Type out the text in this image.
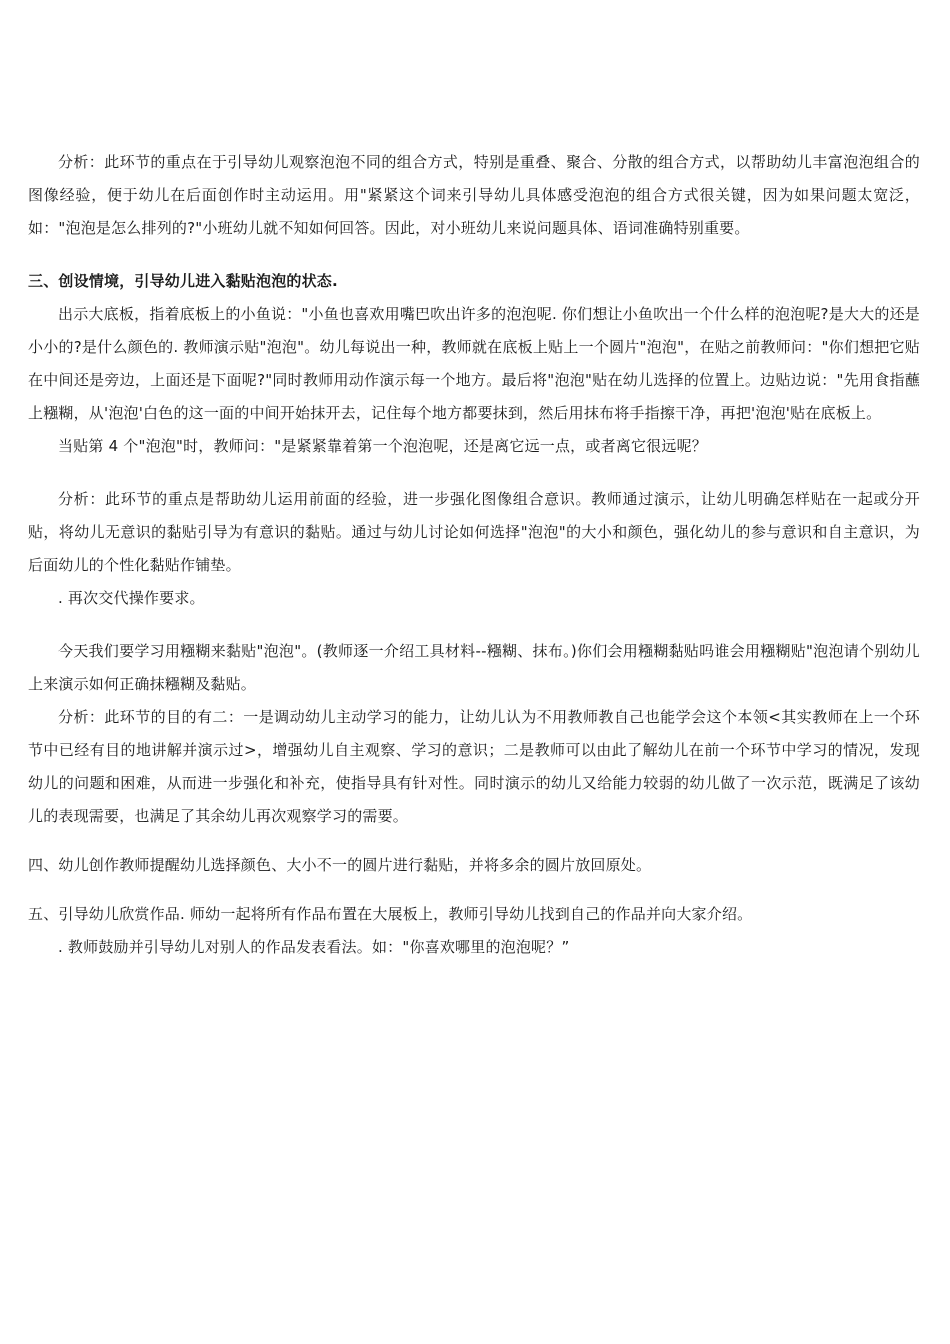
分析：此环节的重点在于引导幼儿观察泡泡不同的组合方式，特别是重叠、聚合、分散的组合方式，以帮助幼儿丰富泡泡组合的图像经验，便于幼儿在后面创作时主动运用。用"紧紧这个词来引导幼儿具体感受泡泡的组合方式很关键，因为如果问题太宽泛，如："泡泡是怎么排列的?"小班幼儿就不知如何回答。因此，对小班幼儿来说问题具体、语词准确特别重要。

三、创设情境，引导幼儿进入黏贴泡泡的状态.

出示大底板，指着底板上的小鱼说："小鱼也喜欢用嘴巴吹出许多的泡泡呢. 你们想让小鱼吹出一个什么样的泡泡呢?是大大的还是小小的?是什么颜色的. 教师演示贴"泡泡"。幼儿每说出一种，教师就在底板上贴上一个圆片"泡泡"，在贴之前教师问："你们想把它贴在中间还是旁边，上面还是下面呢?"同时教师用动作演示每一个地方。最后将"泡泡"贴在幼儿选择的位置上。边贴边说："先用食指蘸上糨糊，从'泡泡'白色的这一面的中间开始抹开去，记住每个地方都要抹到，然后用抹布将手指擦干净，再把'泡泡'贴在底板上。

当贴第 4 个"泡泡"时，教师问："是紧紧靠着第一个泡泡呢，还是离它远一点，或者离它很远呢？

分析：此环节的重点是帮助幼儿运用前面的经验，进一步强化图像组合意识。教师通过演示，让幼儿明确怎样贴在一起或分开贴，将幼儿无意识的黏贴引导为有意识的黏贴。通过与幼儿讨论如何选择"泡泡"的大小和颜色，强化幼儿的参与意识和自主意识，为后面幼儿的个性化黏贴作铺垫。

. 再次交代操作要求。

今天我们要学习用糨糊来黏贴"泡泡"。(教师逐一介绍工具材料--糨糊、抹布。)你们会用糨糊黏贴吗谁会用糨糊贴"泡泡请个别幼儿上来演示如何正确抹糨糊及黏贴。

分析：此环节的目的有二：一是调动幼儿主动学习的能力，让幼儿认为不用教师教自己也能学会这个本领<其实教师在上一个环节中已经有目的地讲解并演示过>，增强幼儿自主观察、学习的意识；二是教师可以由此了解幼儿在前一个环节中学习的情况，发现幼儿的问题和困难，从而进一步强化和补充，使指导具有针对性。同时演示的幼儿又给能力较弱的幼儿做了一次示范，既满足了该幼儿的表现需要，也满足了其余幼儿再次观察学习的需要。

四、幼儿创作教师提醒幼儿选择颜色、大小不一的圆片进行黏贴，并将多余的圆片放回原处。

五、引导幼儿欣赏作品. 师幼一起将所有作品布置在大展板上，教师引导幼儿找到自己的作品并向大家介绍。

. 教师鼓励并引导幼儿对别人的作品发表看法。如："你喜欢哪里的泡泡呢？”
